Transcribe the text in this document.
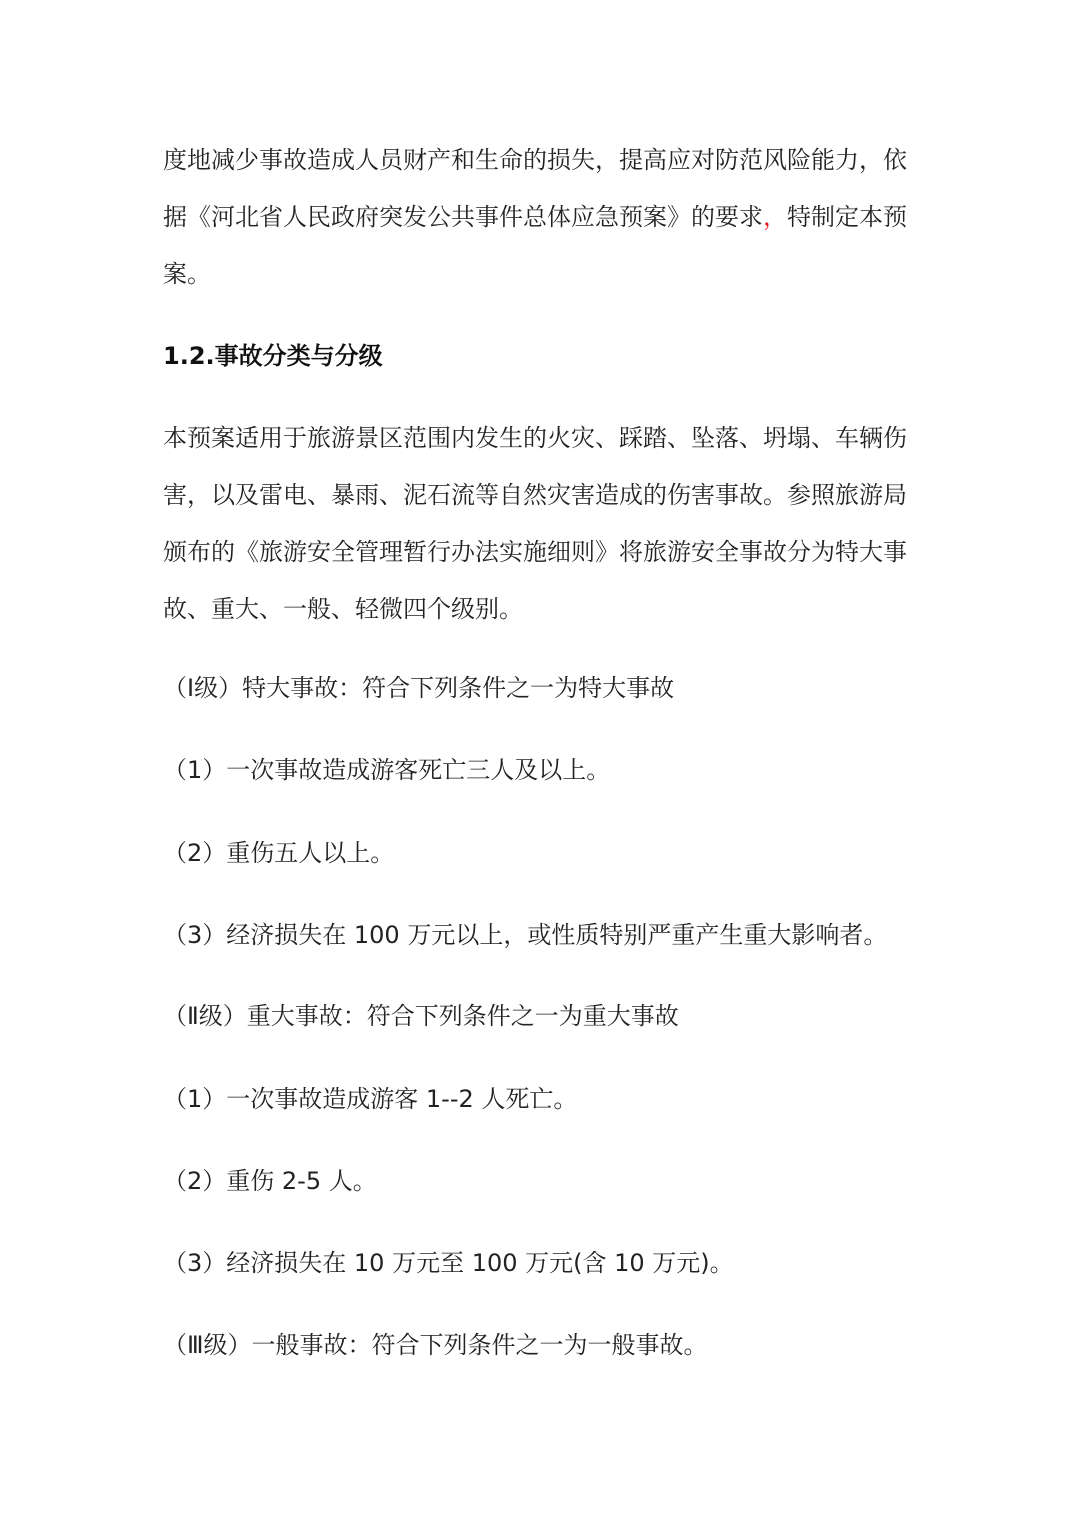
度地减少事故造成人员财产和生命的损失，提高应对防范风险能力，依
据《河北省人民政府突发公共事件总体应急预案》的要求，特制定本预
案。
1.2.事故分类与分级
本预案适用于旅游景区范围内发生的火灾、踩踏、坠落、坍塌、车辆伤
害，以及雷电、暴雨、泥石流等自然灾害造成的伤害事故。参照旅游局
颁布的《旅游安全管理暂行办法实施细则》将旅游安全事故分为特大事
故、重大、一般、轻微四个级别。
（Ⅰ级）特大事故：符合下列条件之一为特大事故
（1）一次事故造成游客死亡三人及以上。
（2）重伤五人以上。
（3）经济损失在 100 万元以上，或性质特别严重产生重大影响者。
（Ⅱ级）重大事故：符合下列条件之一为重大事故
（1）一次事故造成游客 1--2 人死亡。
（2）重伤 2-5 人。
（3）经济损失在 10 万元至 100 万元(含 10 万元)。
（Ⅲ级）一般事故：符合下列条件之一为一般事故。
